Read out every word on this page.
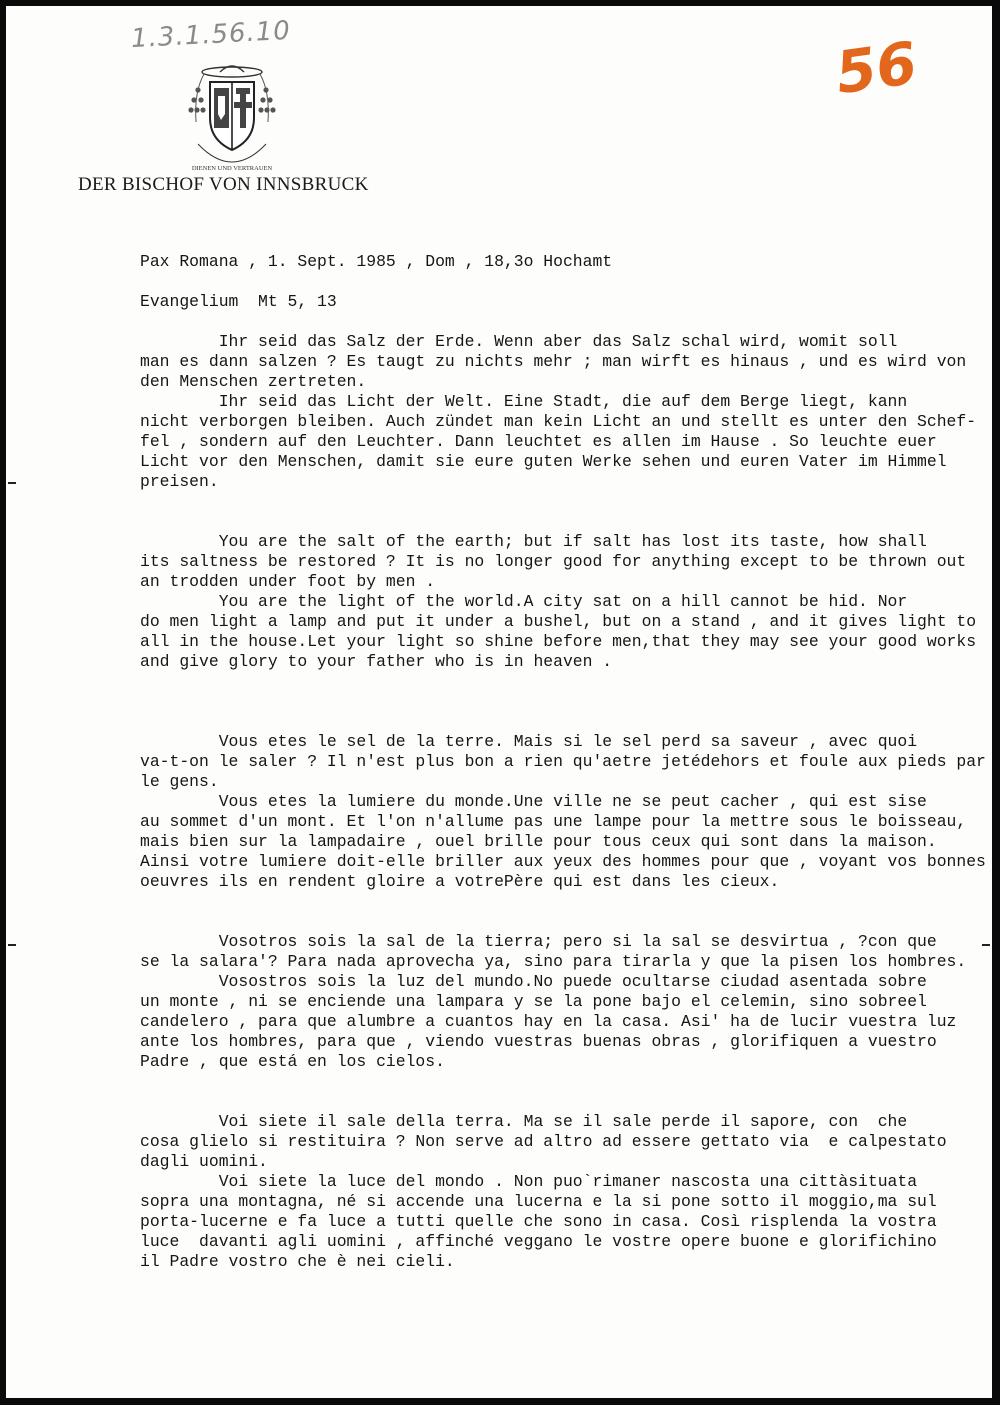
1.3.1.56.10	56
DIENEN UND VERTRAUEN
DER BISCHOF VON INNSBRUCK
Pax Romana , 1. Sept. 1985 , Dom , 18,3o Hochamt
Evangelium  Mt 5, 13
Ihr seid das Salz der Erde. Wenn aber das Salz schal wird, womit soll
man es dann salzen ? Es taugt zu nichts mehr ; man wirft es hinaus , und es wird von
den Menschen zertreten.
Ihr seid das Licht der Welt. Eine Stadt, die auf dem Berge liegt, kann
nicht verborgen bleiben. Auch zündet man kein Licht an und stellt es unter den Schef-
fel , sondern auf den Leuchter. Dann leuchtet es allen im Hause . So leuchte euer
Licht vor den Menschen, damit sie eure guten Werke sehen und euren Vater im Himmel
preisen.
You are the salt of the earth; but if salt has lost its taste, how shall
its saltness be restored ? It is no longer good for anything except to be thrown out
an trodden under foot by men .
You are the light of the world.A city sat on a hill cannot be hid. Nor
do men light a lamp and put it under a bushel, but on a stand , and it gives light to
all in the house.Let your light so shine before men,that they may see your good works
and give glory to your father who is in heaven .
Vous etes le sel de la terre. Mais si le sel perd sa saveur , avec quoi
va-t-on le saler ? Il n'est plus bon a rien qu'aetre jetédehors et foule aux pieds par
le gens.
Vous etes la lumiere du monde.Une ville ne se peut cacher , qui est sise
au sommet d'un mont. Et l'on n'allume pas une lampe pour la mettre sous le boisseau,
mais bien sur la lampadaire , ouel brille pour tous ceux qui sont dans la maison.
Ainsi votre lumiere doit-elle briller aux yeux des hommes pour que , voyant vos bonnes
oeuvres ils en rendent gloire a votrePère qui est dans les cieux.
Vosotros sois la sal de la tierra; pero si la sal se desvirtua , ?con que
se la salara'? Para nada aprovecha ya, sino para tirarla y que la pisen los hombres.
Vosostros sois la luz del mundo.No puede ocultarse ciudad asentada sobre
un monte , ni se enciende una lampara y se la pone bajo el celemin, sino sobreel
candelero , para que alumbre a cuantos hay en la casa. Asi' ha de lucir vuestra luz
ante los hombres, para que , viendo vuestras buenas obras , glorifiquen a vuestro
Padre , que está en los cielos.
Voi siete il sale della terra. Ma se il sale perde il sapore, con  che
cosa glielo si restituira ? Non serve ad altro ad essere gettato via  e calpestato
dagli uomini.
Voi siete la luce del mondo . Non puo`rimaner nascosta una cittàsituata
sopra una montagna, né si accende una lucerna e la si pone sotto il moggio,ma sul
porta-lucerne e fa luce a tutti quelle che sono in casa. Così risplenda la vostra
luce  davanti agli uomini , affinché veggano le vostre opere buone e glorifichino
il Padre vostro che è nei cieli.
